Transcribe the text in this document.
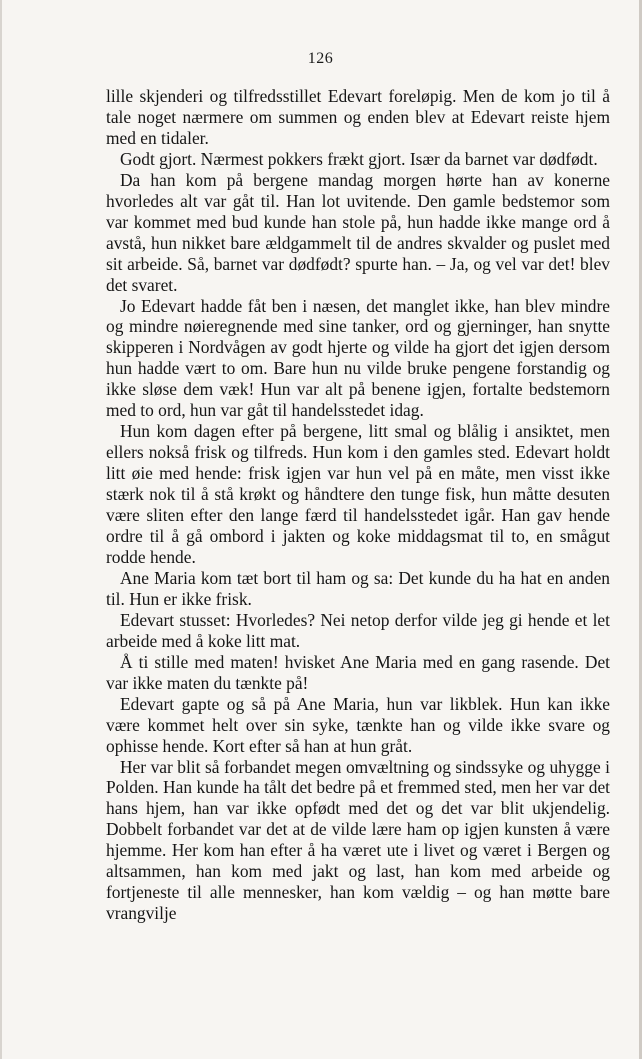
126

lille skjenderi og tilfredsstillet Edevart foreløpig. Men de kom jo til å tale noget nærmere om summen og enden blev at Edevart reiste hjem med en tidaler.

Godt gjort. Nærmest pokkers frækt gjort. Især da barnet var dødfødt.

Da han kom på bergene mandag morgen hørte han av konerne hvorledes alt var gåt til. Han lot uvitende. Den gamle bedstemor som var kommet med bud kunde han stole på, hun hadde ikke mange ord å avstå, hun nikket bare ældgammelt til de andres skvalder og puslet med sit arbeide. Så, barnet var dødfødt? spurte han. – Ja, og vel var det! blev det svaret.

Jo Edevart hadde fåt ben i næsen, det manglet ikke, han blev mindre og mindre nøieregnende med sine tanker, ord og gjerninger, han snytte skipperen i Nordvågen av godt hjerte og vilde ha gjort det igjen dersom hun hadde vært to om. Bare hun nu vilde bruke pengene forstandig og ikke sløse dem væk! Hun var alt på benene igjen, fortalte bedstemorn med to ord, hun var gåt til handelsstedet idag.

Hun kom dagen efter på bergene, litt smal og blålig i ansiktet, men ellers nokså frisk og tilfreds. Hun kom i den gamles sted. Edevart holdt litt øie med hende: frisk igjen var hun vel på en måte, men visst ikke stærk nok til å stå krøkt og håndtere den tunge fisk, hun måtte desuten være sliten efter den lange færd til handelsstedet igår. Han gav hende ordre til å gå ombord i jakten og koke middagsmat til to, en smågut rodde hende.

Ane Maria kom tæt bort til ham og sa: Det kunde du ha hat en anden til. Hun er ikke frisk.

Edevart stusset: Hvorledes? Nei netop derfor vilde jeg gi hende et let arbeide med å koke litt mat.

Å ti stille med maten! hvisket Ane Maria med en gang rasende. Det var ikke maten du tænkte på!

Edevart gapte og så på Ane Maria, hun var likblek. Hun kan ikke være kommet helt over sin syke, tænkte han og vilde ikke svare og ophisse hende. Kort efter så han at hun gråt.

Her var blit så forbandet megen omvæltning og sindssyke og uhygge i Polden. Han kunde ha tålt det bedre på et fremmed sted, men her var det hans hjem, han var ikke opfødt med det og det var blit ukjendelig. Dobbelt forbandet var det at de vilde lære ham op igjen kunsten å være hjemme. Her kom han efter å ha været ute i livet og været i Bergen og altsammen, han kom med jakt og last, han kom med arbeide og fortjeneste til alle mennesker, han kom vældig – og han møtte bare vrangvilje
